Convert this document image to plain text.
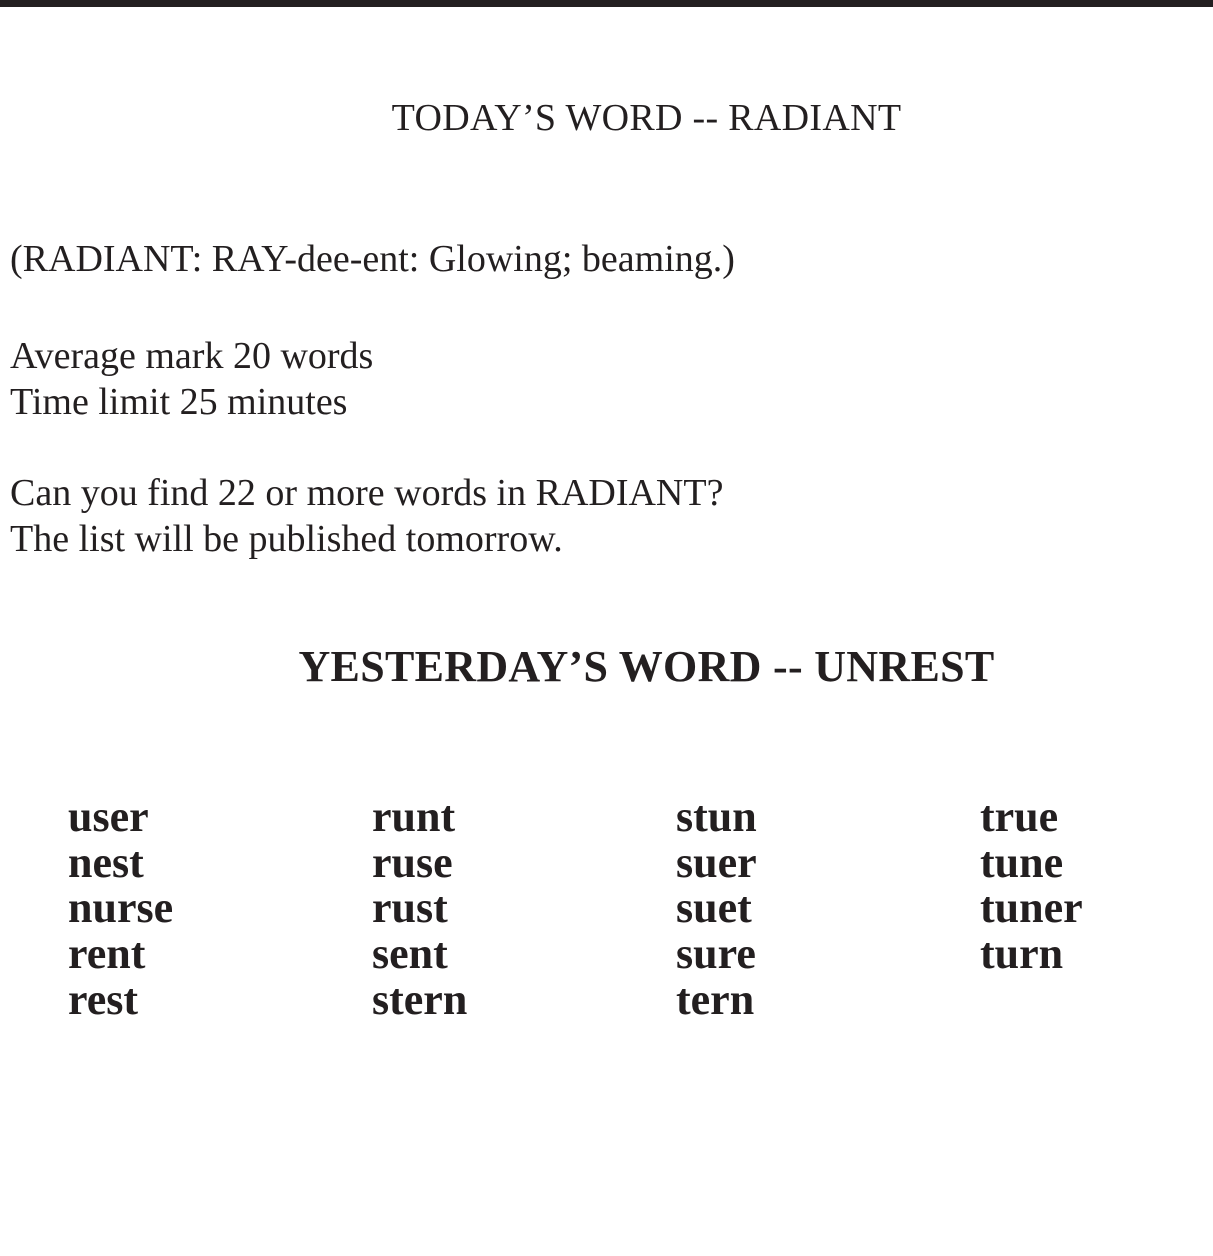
TODAY’S WORD -- RADIANT
(RADIANT: RAY-dee-ent: Glowing; beaming.)
Average mark 20 words
Time limit 25 minutes
Can you find 22 or more words in RADIANT?
The list will be published tomorrow.
YESTERDAY’S WORD -- UNREST
user
nest
nurse
rent
rest
runt
ruse
rust
sent
stern
stun
suer
suet
sure
tern
true
tune
tuner
turn
